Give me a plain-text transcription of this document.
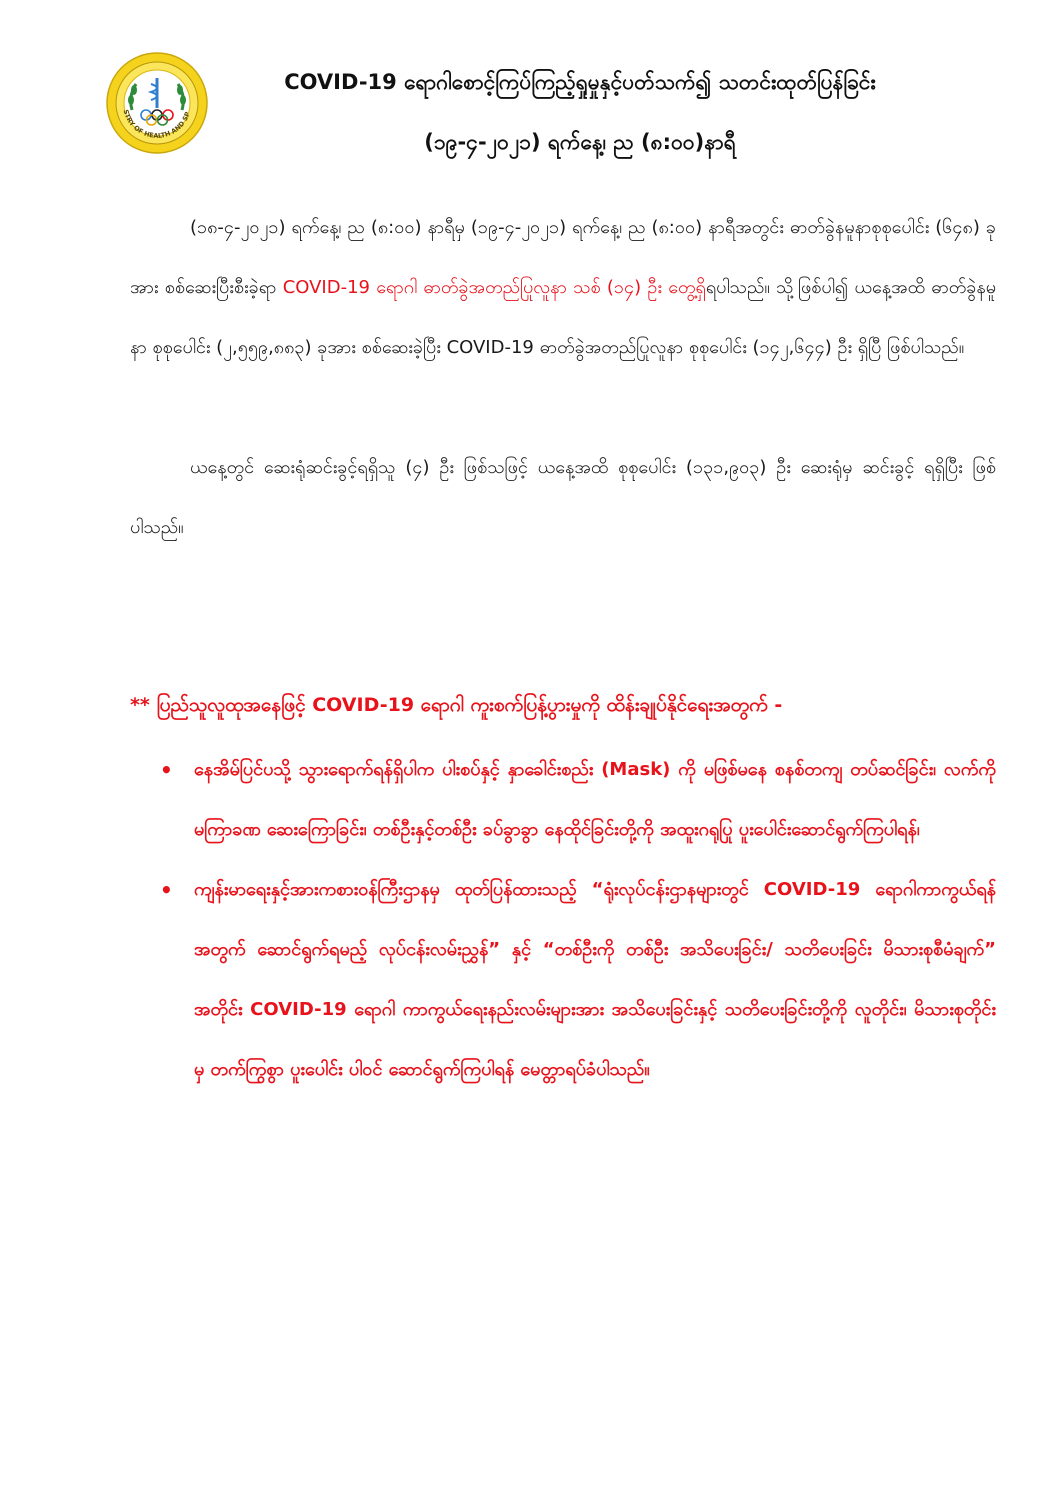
STRY OF HEALTH AND SP
COVID-19 ရောဂါစောင့်ကြပ်ကြည့်ရှုမှုနှင့်ပတ်သက်၍ သတင်းထုတ်ပြန်ခြင်း
(၁၉-၄-၂၀၂၁) ရက်နေ့၊ ည (၈:၀၀)နာရီ
(၁၈-၄-၂၀၂၁) ရက်နေ့၊ ည (၈:၀၀) နာရီမှ (၁၉-၄-၂၀၂၁) ရက်နေ့၊ ည (၈:၀၀) နာရီအတွင်း ဓာတ်ခွဲနမူနာစုစုပေါင်း (၆၄၈) ခုအား စစ်ဆေးပြီးစီးခဲ့ရာ COVID-19 ရောဂါ ဓာတ်ခွဲအတည်ပြုလူနာ သစ် (၁၄) ဦး တွေ့ရှိရပါသည်။ သို့ဖြစ်ပါ၍ ယနေ့အထိ ဓာတ်ခွဲနမူနာ စုစုပေါင်း (၂,၅၅၉,၈၈၃) ခုအား စစ်ဆေးခဲ့ပြီး COVID-19 ဓာတ်ခွဲအတည်ပြုလူနာ စုစုပေါင်း (၁၄၂,၆၄၄) ဦး ရှိပြီ ဖြစ်ပါသည်။
ယနေ့တွင် ဆေးရုံဆင်းခွင့်ရရှိသူ (၄) ဦး ဖြစ်သဖြင့် ယနေ့အထိ စုစုပေါင်း (၁၃၁,၉၀၃) ဦး ဆေးရုံမှ ဆင်းခွင့် ရရှိပြီး ဖြစ်ပါသည်။
** ပြည်သူလူထုအနေဖြင့် COVID-19 ရောဂါ ကူးစက်ပြန့်ပွားမှုကို ထိန်းချုပ်နိုင်ရေးအတွက် -
• နေအိမ်ပြင်ပသို့ သွားရောက်ရန်ရှိပါက ပါးစပ်နှင့် နှာခေါင်းစည်း (Mask) ကို မဖြစ်မနေ စနစ်တကျ တပ်ဆင်ခြင်း၊ လက်ကို မကြာခဏ ဆေးကြောခြင်း၊ တစ်ဦးနှင့်တစ်ဦး ခပ်ခွာခွာ နေထိုင်ခြင်းတို့ကို အထူးဂရုပြု ပူးပေါင်းဆောင်ရွက်ကြပါရန်၊
• ကျန်းမာရေးနှင့်အားကစားဝန်ကြီးဌာနမှ ထုတ်ပြန်ထားသည့် “ရုံးလုပ်ငန်းဌာနများတွင် COVID-19 ရောဂါကာကွယ်ရန်အတွက် ဆောင်ရွက်ရမည့် လုပ်ငန်းလမ်းညွှန်” နှင့် “တစ်ဦးကို တစ်ဦး အသိပေးခြင်း/ သတိပေးခြင်း မိသားစုစီမံချက်” အတိုင်း COVID-19 ရောဂါ ကာကွယ်ရေးနည်းလမ်းများအား အသိပေးခြင်းနှင့် သတိပေးခြင်းတို့ကို လူတိုင်း၊ မိသားစုတိုင်းမှ တက်ကြွစွာ ပူးပေါင်း ပါဝင် ဆောင်ရွက်ကြပါရန် မေတ္တာရပ်ခံပါသည်။
